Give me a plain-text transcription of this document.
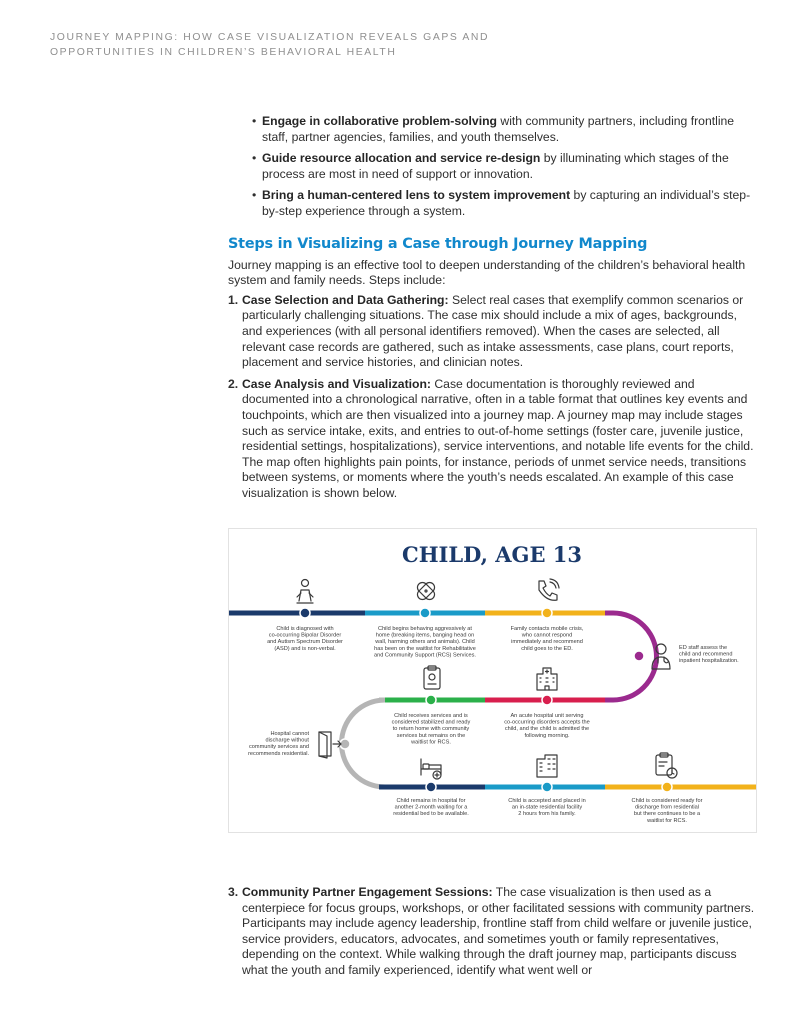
JOURNEY MAPPING: HOW CASE VISUALIZATION REVEALS GAPS AND OPPORTUNITIES IN CHILDREN’S BEHAVIORAL HEALTH
• Engage in collaborative problem-solving with community partners, including frontline staff, partner agencies, families, and youth themselves.
• Guide resource allocation and service re-design by illuminating which stages of the process are most in need of support or innovation.
• Bring a human-centered lens to system improvement by capturing an individual’s step-by-step experience through a system.
Steps in Visualizing a Case through Journey Mapping

Journey mapping is an effective tool to deepen understanding of the children’s behavioral health system and family needs. Steps include:

1. Case Selection and Data Gathering: Select real cases that exemplify common scenarios or particularly challenging situations. The case mix should include a mix of ages, backgrounds, and experiences (with all personal identifiers removed). When the cases are selected, all relevant case records are gathered, such as intake assessments, case plans, court reports, placement and service histories, and clinician notes.
2. Case Analysis and Visualization: Case documentation is thoroughly reviewed and documented into a chronological narrative, often in a table format that outlines key events and touchpoints, which are then visualized into a journey map. A journey map may include stages such as service intake, exits, and entries to out-of-home settings (foster care, juvenile justice, residential settings, hospitalizations), service interventions, and notable life events for the child. The map often highlights pain points, for instance, periods of unmet service needs, transitions between systems, or moments where the youth’s needs escalated. An example of this case visualization is shown below.
CHILD, AGE 13
Child is diagnosed with co-occurring Bipolar Disorder and Autism Spectrum Disorder (ASD) and is non-verbal.
Child begins behaving aggressively at home (breaking items, banging head on wall, harming others and animals). Child has been on the waitlist for Rehabilitative and Community Support (RCS) Services.
Family contacts mobile crisis, who cannot respond immediately and recommend child goes to the ED.	ED staff assess the child and recommend inpatient hospitalization.
An acute hospital unit serving co-occurring disorders accepts the child, and the child is admitted the following morning.
Child receives services and is considered stabilized and ready to return home with community services but remains on the waitlist for RCS.
Hospital cannot discharge without community services and recommends residential.
Child remains in hospital for another 2-month waiting for a residential bed to be available.
Child is accepted and placed in an in-state residential facility 2 hours from his family.
Child is considered ready for discharge from residential but there continues to be a waitlist for RCS.
3. Community Partner Engagement Sessions: The case visualization is then used as a centerpiece for focus groups, workshops, or other facilitated sessions with community partners. Participants may include agency leadership, frontline staff from child welfare or juvenile justice, service providers, educators, advocates, and sometimes youth or family representatives, depending on the context. While walking through the draft journey map, participants discuss what the youth and family experienced, identify what went well or
